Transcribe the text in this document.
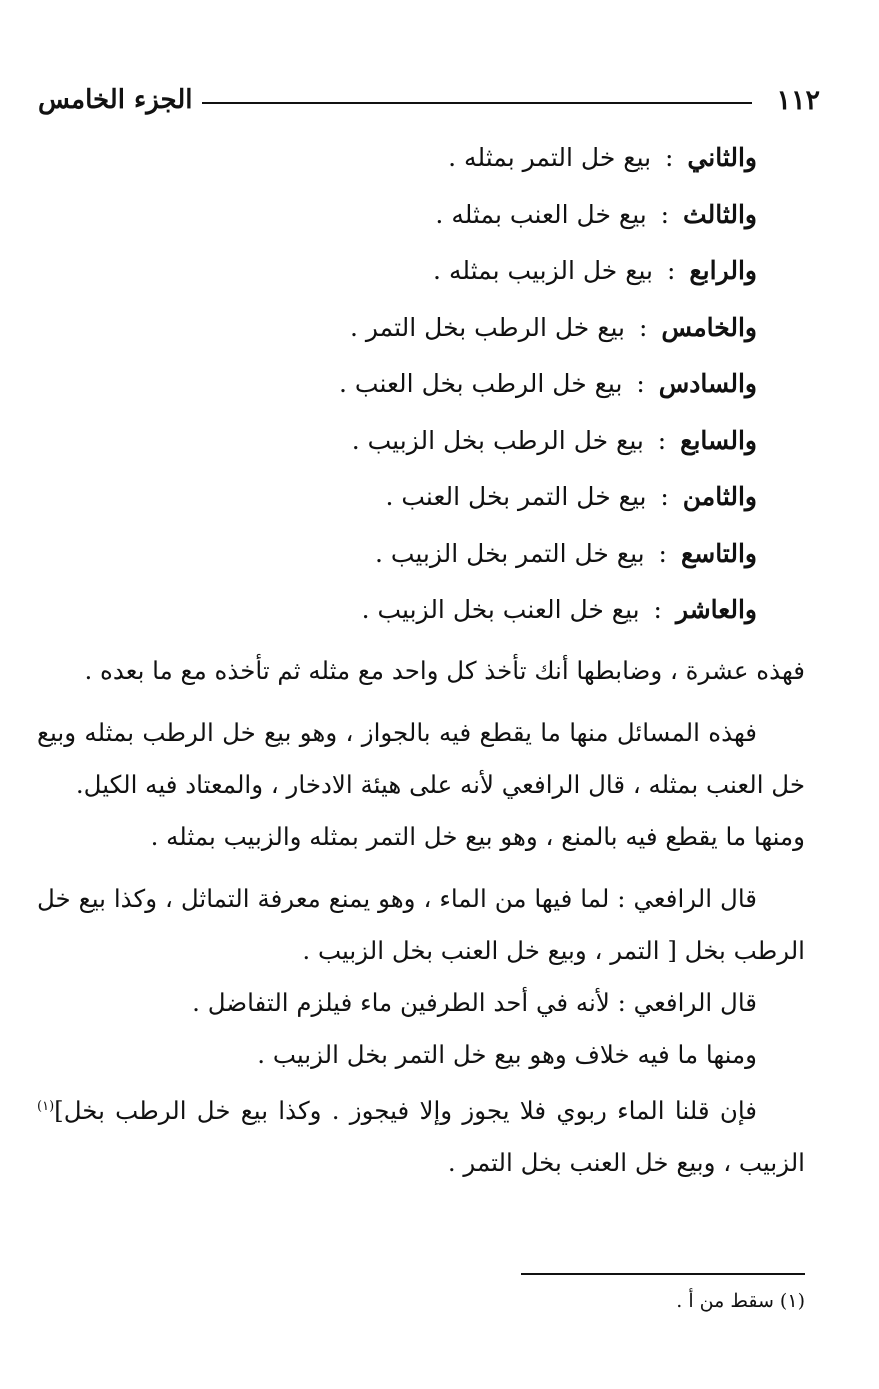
١١٢
الجزء الخامس
والثاني : بيع خل التمر بمثله .
والثالث : بيع خل العنب بمثله .
والرابع : بيع خل الزبيب بمثله .
والخامس : بيع خل الرطب بخل التمر .
والسادس : بيع خل الرطب بخل العنب .
والسابع : بيع خل الرطب بخل الزبيب .
والثامن : بيع خل التمر بخل العنب .
والتاسع : بيع خل التمر بخل الزبيب .
والعاشر : بيع خل العنب بخل الزبيب .

فهذه عشرة ، وضابطها أنك تأخذ كل واحد مع مثله ثم تأخذه مع ما بعده .

فهذه المسائل منها ما يقطع فيه بالجواز ، وهو بيع خل الرطب بمثله وبيع خل العنب بمثله ، قال الرافعي لأنه على هيئة الادخار ، والمعتاد فيه الكيل.

ومنها ما يقطع فيه بالمنع ، وهو بيع خل التمر بمثله والزبيب بمثله .

قال الرافعي : لما فيها من الماء ، وهو يمنع معرفة التماثل ، وكذا بيع خل الرطب بخل [ التمر ، وبيع خل العنب بخل الزبيب .

قال الرافعي : لأنه في أحد الطرفين ماء فيلزم التفاضل .

ومنها ما فيه خلاف وهو بيع خل التمر بخل الزبيب .

فإن قلنا الماء ربوي فلا يجوز وإلا فيجوز . وكذا بيع خل الرطب بخل]$^{(١)}$ الزبيب ، وبيع خل العنب بخل التمر .

(١) سقط من أ .
